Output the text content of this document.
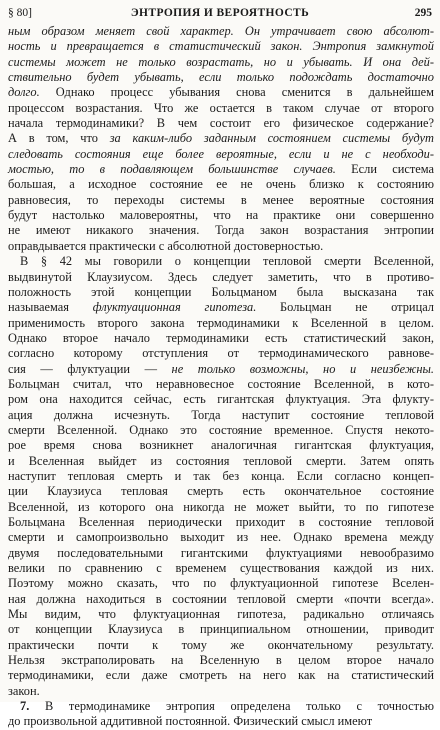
§ 80]	ЭНТРОПИЯ И ВЕРОЯТНОСТЬ	295
ным образом меняет свой характер. Он утрачивает свою абсолют-
ность и превращается в статистический закон. Энтропия замкнутой
системы может не только возрастать, но и убывать. И она дей-
ствительно будет убывать, если только подождать достаточно
долго. Однако процесс убывания снова сменится в дальнейшем
процессом возрастания. Что же остается в таком случае от второго
начала термодинамики? В чем состоит его физическое содержание?
А в том, что за каким-либо заданным состоянием системы будут
следовать состояния еще более вероятные, если и не с необходи-
мостью, то в подавляющем большинстве случаев. Если система
большая, а исходное состояние ее не очень близко к состоянию
равновесия, то переходы системы в менее вероятные состояния
будут настолько маловероятны, что на практике они совершенно
не имеют никакого значения. Тогда закон возрастания энтропии
оправдывается практически с абсолютной достоверностью.
В § 42 мы говорили о концепции тепловой смерти Вселенной,
выдвинутой Клаузиусом. Здесь следует заметить, что в противо-
положность этой концепции Больцманом была высказана так
называемая флуктуационная гипотеза. Больцман не отрицал
применимость второго закона термодинамики к Вселенной в целом.
Однако второе начало термодинамики есть статистический закон,
согласно которому отступления от термодинамического равнове-
сия — флуктуации — не только возможны, но и неизбежны.
Больцман считал, что неравновесное состояние Вселенной, в кото-
ром она находится сейчас, есть гигантская флуктуация. Эта флукту-
ация должна исчезнуть. Тогда наступит состояние тепловой
смерти Вселенной. Однако это состояние временное. Спустя некото-
рое время снова возникнет аналогичная гигантская флуктуация,
и Вселенная выйдет из состояния тепловой смерти. Затем опять
наступит тепловая смерть и так без конца. Если согласно концеп-
ции Клаузиуса тепловая смерть есть окончательное состояние
Вселенной, из которого она никогда не может выйти, то по гипотезе
Больцмана Вселенная периодически приходит в состояние тепловой
смерти и самопроизвольно выходит из нее. Однако времена между
двумя последовательными гигантскими флуктуациями невообразимо
велики по сравнению с временем существования каждой из них.
Поэтому можно сказать, что по флуктуационной гипотезе Вселен-
ная должна находиться в состоянии тепловой смерти «почти всегда».
Мы видим, что флуктуационная гипотеза, радикально отличаясь
от концепции Клаузиуса в принципиальном отношении, приводит
практически почти к тому же окончательному результату.
Нельзя экстраполировать на Вселенную в целом второе начало
термодинамики, если даже смотреть на него как на статистический
закон.
7. В термодинамике энтропия определена только с точностью
до произвольной аддитивной постоянной. Физический смысл имеют
